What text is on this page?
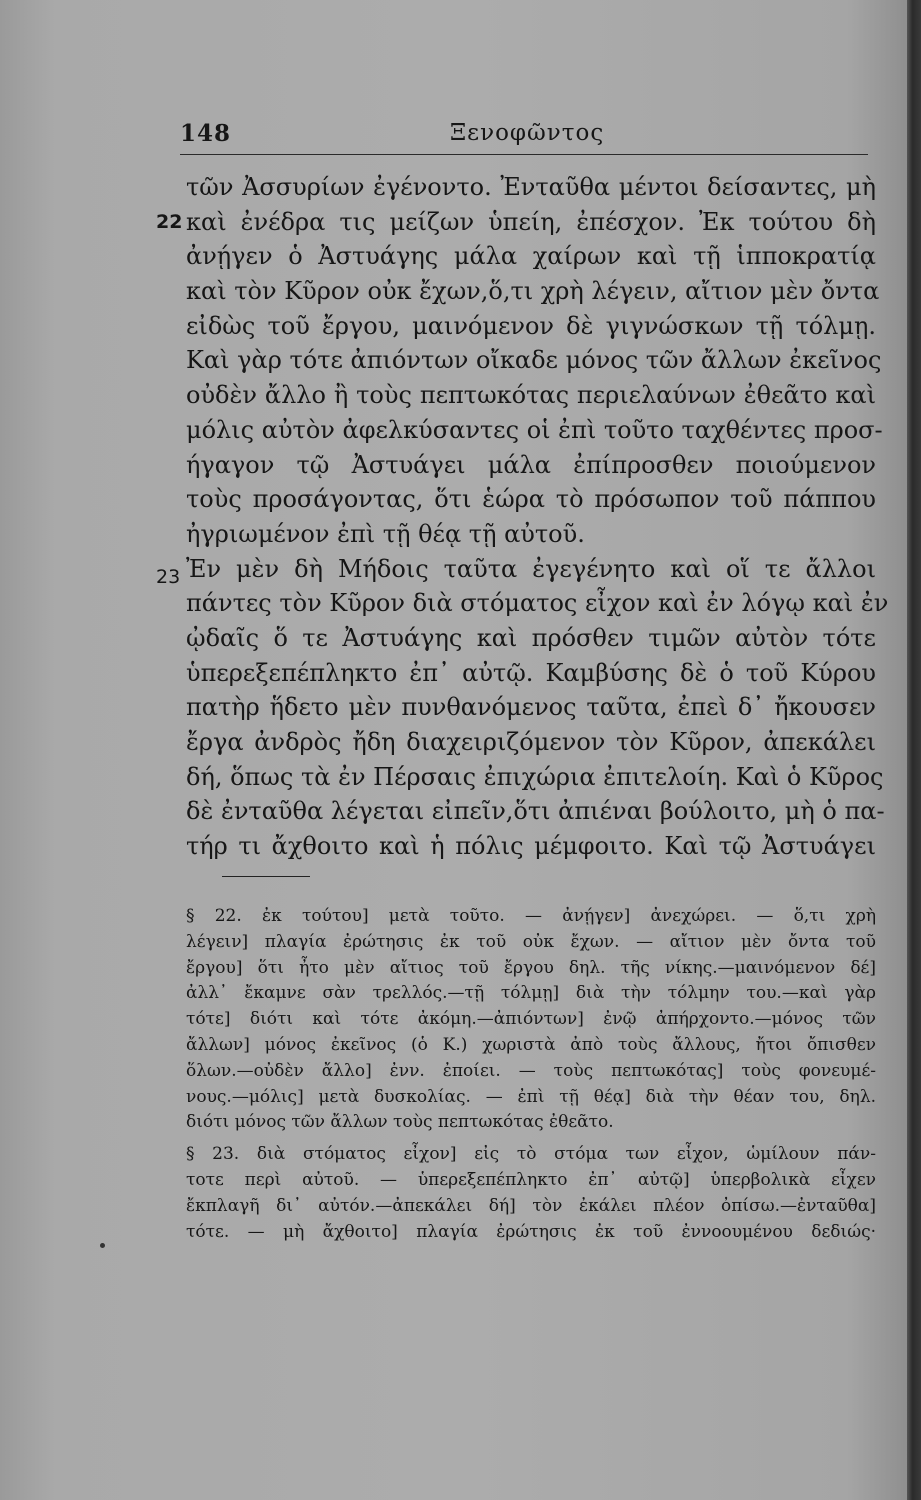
148	Ξενοφῶντος
τῶν Ἀσσυρίων ἐγένοντο. Ἐνταῦθα μέντοι δείσαντες, μὴ
22 καὶ ἐνέδρα τις μείζων ὑπείη, ἐπέσχον. Ἐκ τούτου δὴ
ἀνῄγεν ὁ Ἀστυάγης μάλα χαίρων καὶ τῇ ἱπποκρατίᾳ
καὶ τὸν Κῦρον οὐκ ἔχων,ὅ,τι χρὴ λέγειν, αἴτιον μὲν ὄντα
εἰδὼς τοῦ ἔργου, μαινόμενον δὲ γιγνώσκων τῇ τόλμῃ.
Καὶ γὰρ τότε ἀπιόντων οἴκαδε μόνος τῶν ἄλλων ἐκεῖνος
οὐδὲν ἄλλο ἢ τοὺς πεπτωκότας περιελαύνων ἐθεᾶτο καὶ
μόλις αὐτὸν ἀφελκύσαντες οἱ ἐπὶ τοῦτο ταχθέντες προσ-
ήγαγον τῷ Ἀστυάγει μάλα ἐπίπροσθεν ποιούμενον
τοὺς προσάγοντας, ὅτι ἑώρα τὸ πρόσωπον τοῦ πάππου
ἠγριωμένον ἐπὶ τῇ θέᾳ τῇ αὐτοῦ.
23 Ἐν μὲν δὴ Μήδοις ταῦτα ἐγεγένητο καὶ οἵ τε ἄλλοι
πάντες τὸν Κῦρον διὰ στόματος εἶχον καὶ ἐν λόγῳ καὶ ἐν
ᾠδαῖς ὅ τε Ἀστυάγης καὶ πρόσθεν τιμῶν αὐτὸν τότε
ὑπερεξεπέπληκτο ἐπ᾽ αὐτῷ. Καμβύσης δὲ ὁ τοῦ Κύρου
πατὴρ ἥδετο μὲν πυνθανόμενος ταῦτα, ἐπεὶ δ᾽ ἤκουσεν
ἔργα ἀνδρὸς ἤδη διαχειριζόμενον τὸν Κῦρον, ἀπεκάλει
δή, ὅπως τὰ ἐν Πέρσαις ἐπιχώρια ἐπιτελοίη. Καὶ ὁ Κῦρος
δὲ ἐνταῦθα λέγεται εἰπεῖν,ὅτι ἀπιέναι βούλοιτο, μὴ ὁ πα-
τήρ τι ἄχθοιτο καὶ ἡ πόλις μέμφοιτο. Καὶ τῷ Ἀστυάγει
§ 22. ἐκ τούτου] μετὰ τοῦτο. — ἀνῄγεν] ἀνεχώρει. — ὅ,τι χρὴ
λέγειν] πλαγία ἐρώτησις ἐκ τοῦ οὐκ ἔχων. — αἴτιον μὲν ὄντα τοῦ
ἔργου] ὅτι ἦτο μὲν αἴτιος τοῦ ἔργου δηλ. τῆς νίκης.—μαινόμενον δέ]
ἀλλ᾽ ἔκαμνε σὰν τρελλός.—τῇ τόλμῃ] διὰ τὴν τόλμην του.—καὶ γὰρ
τότε] διότι καὶ τότε ἀκόμη.—ἀπιόντων] ἐνῷ ἀπήρχοντο.—μόνος τῶν
ἄλλων] μόνος ἐκεῖνος (ὁ Κ.) χωριστὰ ἀπὸ τοὺς ἄλλους, ἤτοι ὄπισθεν
ὅλων.—οὐδὲν ἄλλο] ἐνν. ἐποίει. — τοὺς πεπτωκότας] τοὺς φονευμέ-
νους.—μόλις] μετὰ δυσκολίας. — ἐπὶ τῇ θέᾳ] διὰ τὴν θέαν του, δηλ.
διότι μόνος τῶν ἄλλων τοὺς πεπτωκότας ἐθεᾶτο.
§ 23. διὰ στόματος εἶχον] εἰς τὸ στόμα των εἶχον, ὡμίλουν πάν-
τοτε περὶ αὐτοῦ. — ὑπερεξεπέπληκτο ἐπ᾽ αὐτῷ] ὑπερβολικὰ εἶχεν
ἔκπλαγῆ δι᾽ αὐτόν.—ἀπεκάλει δή] τὸν ἐκάλει πλέον ὀπίσω.—ἐνταῦθα]
τότε. — μὴ ἄχθοιτο] πλαγία ἐρώτησις ἐκ τοῦ ἐννοουμένου δεδιώς·
